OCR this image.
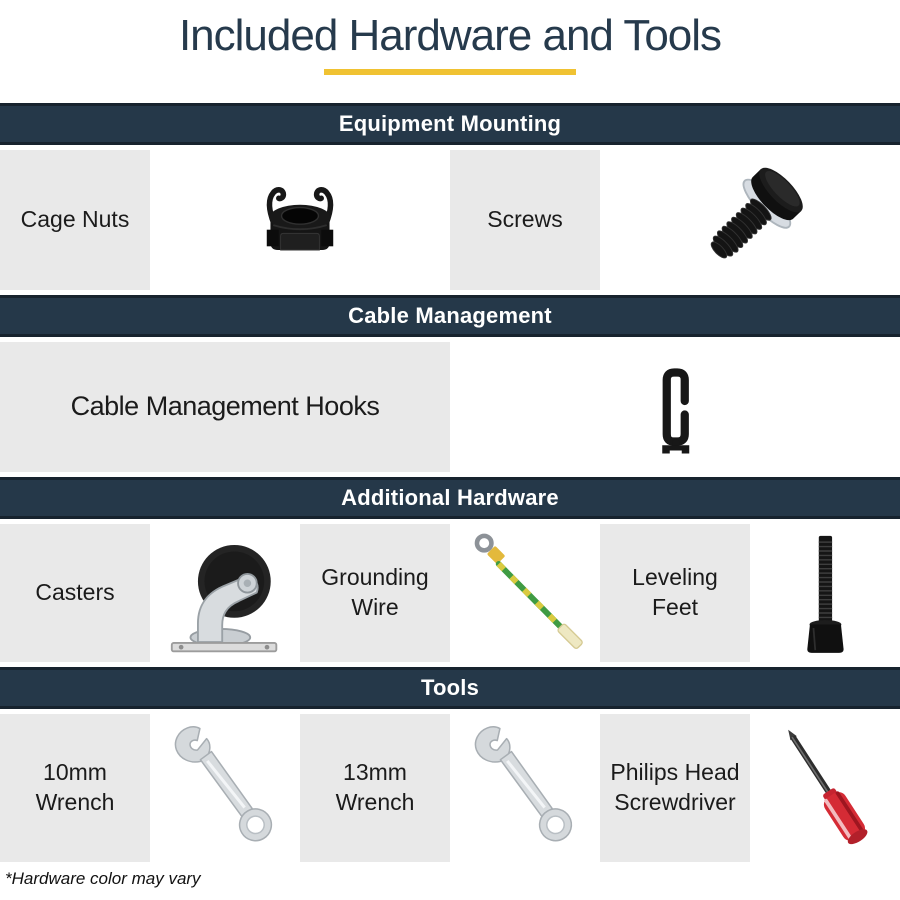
Included Hardware and Tools
Equipment Mounting
Cage Nuts	Screws
Cable Management
Cable Management Hooks
Additional Hardware
Casters
Grounding Wire
Leveling Feet
Tools
10mm Wrench
13mm Wrench
Philips Head Screwdriver
*Hardware color may vary
